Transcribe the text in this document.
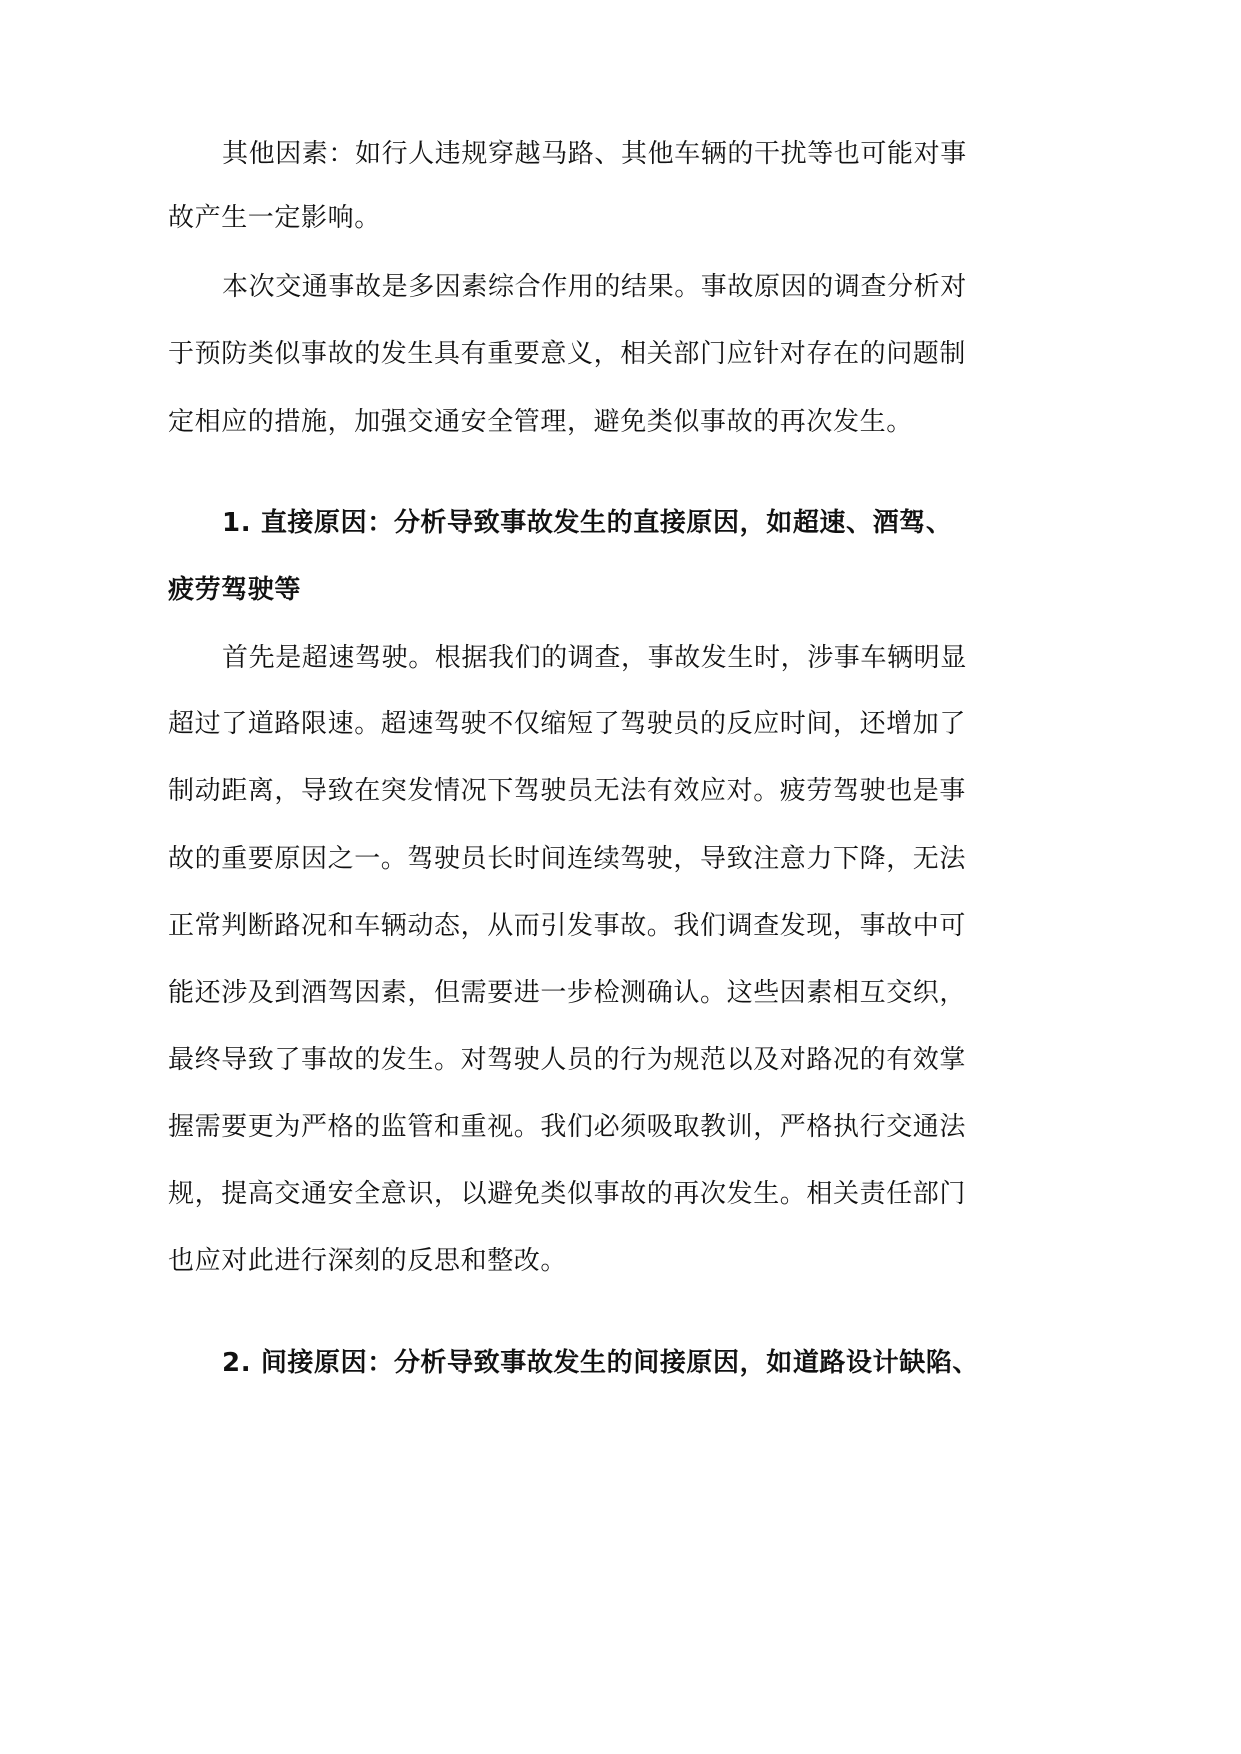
其他因素：如行人违规穿越马路、其他车辆的干扰等也可能对事
故产生一定影响。
本次交通事故是多因素综合作用的结果。事故原因的调查分析对
于预防类似事故的发生具有重要意义，相关部门应针对存在的问题制
定相应的措施，加强交通安全管理，避免类似事故的再次发生。
1. 直接原因：分析导致事故发生的直接原因，如超速、酒驾、
疲劳驾驶等
首先是超速驾驶。根据我们的调查，事故发生时，涉事车辆明显
超过了道路限速。超速驾驶不仅缩短了驾驶员的反应时间，还增加了
制动距离，导致在突发情况下驾驶员无法有效应对。疲劳驾驶也是事
故的重要原因之一。驾驶员长时间连续驾驶，导致注意力下降，无法
正常判断路况和车辆动态，从而引发事故。我们调查发现，事故中可
能还涉及到酒驾因素，但需要进一步检测确认。这些因素相互交织，
最终导致了事故的发生。对驾驶人员的行为规范以及对路况的有效掌
握需要更为严格的监管和重视。我们必须吸取教训，严格执行交通法
规，提高交通安全意识，以避免类似事故的再次发生。相关责任部门
也应对此进行深刻的反思和整改。
2. 间接原因：分析导致事故发生的间接原因，如道路设计缺陷、
